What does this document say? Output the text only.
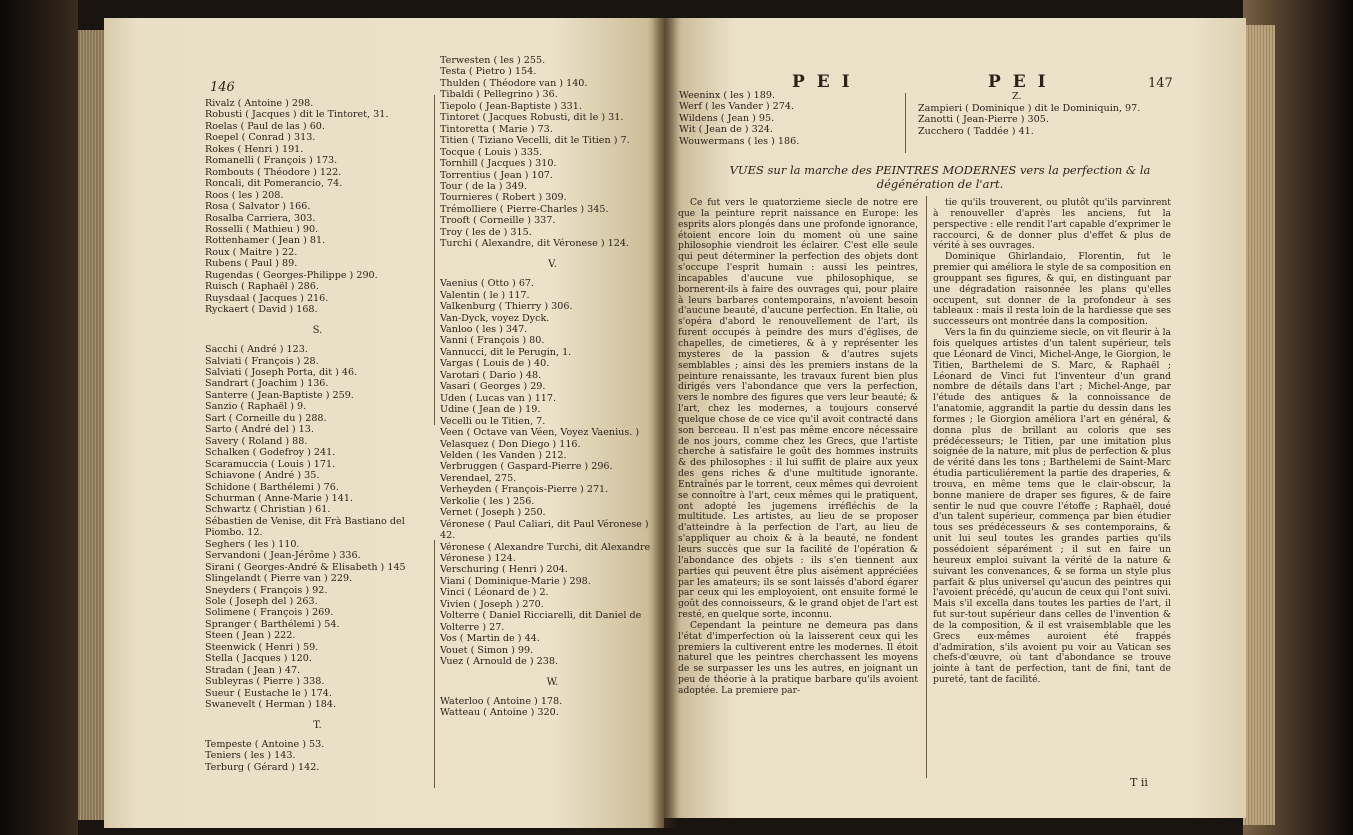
146
Rivalz ( Antoine ) 298.
Robusti ( Jacques ) dit le Tintoret, 31.
Roelas ( Paul de las ) 60.
Roepel ( Conrad ) 313.
Rokes ( Henri ) 191.
Romanelli ( François ) 173.
Rombouts ( Théodore ) 122.
Roncali, dit Pomerancio, 74.
Roos ( les ) 208.
Rosa ( Salvator ) 166.
Rosalba Carriera, 303.
Rosselli ( Mathieu ) 90.
Rottenhamer ( Jean ) 81.
Roux ( Maitre ) 22.
Rubens ( Paul ) 89.
Rugendas ( Georges-Philippe ) 290.
Ruisch ( Raphaël ) 286.
Ruysdaal ( Jacques ) 216.
Ryckaert ( David ) 168.
S.
Sacchi ( André ) 123.
Salviati ( François ) 28.
Salviati ( Joseph Porta, dit ) 46.
Sandrart ( Joachim ) 136.
Santerre ( Jean-Baptiste ) 259.
Sanzio ( Raphaël ) 9.
Sart ( Corneille du ) 288.
Sarto ( André del ) 13.
Savery ( Roland ) 88.
Schalken ( Godefroy ) 241.
Scaramuccia ( Louis ) 171.
Schiavone ( André ) 35.
Schidone ( Barthélemi ) 76.
Schurman ( Anne-Marie ) 141.
Schwartz ( Christian ) 61.
Sébastien de Venise, dit Frà Bastiano del
Piombo. 12.
Seghers ( les ) 110.
Servandoni ( Jean-Jérôme ) 336.
Sirani ( Georges-André & Elisabeth ) 145
Slingelandt ( Pierre van ) 229.
Sneyders ( François ) 92.
Sole ( Joseph del ) 263.
Solimene ( François ) 269.
Spranger ( Barthélemi ) 54.
Steen ( Jean ) 222.
Steenwick ( Henri ) 59.
Stella ( Jacques ) 120.
Stradan ( Jean ) 47.
Subleyras ( Pierre ) 338.
Sueur ( Eustache le ) 174.
Swanevelt ( Herman ) 184.
T.
Tempeste ( Antoine ) 53.
Teniers ( les ) 143.
Terburg ( Gérard ) 142.
Terwesten ( les ) 255.
Testa ( Pietro ) 154.
Thulden ( Théodore van ) 140.
Tibaldi ( Pellegrino ) 36.
Tiepolo ( Jean-Baptiste ) 331.
Tintoret ( Jacques Robusti, dit le ) 31.
Tintoretta ( Marie ) 73.
Titien ( Tiziano Vecelli, dit le Titien ) 7.
Tocque ( Louis ) 335.
Tornhill ( Jacques ) 310.
Torrentius ( Jean ) 107.
Tour ( de la ) 349.
Tournieres ( Robert ) 309.
Trémolliere ( Pierre-Charles ) 345.
Trooft ( Corneille ) 337.
Troy ( les de ) 315.
Turchi ( Alexandre, dit Véronese ) 124.
V.
Vaenius ( Otto ) 67.
Valentin ( le ) 117.
Valkenburg ( Thierry ) 306.
Van-Dyck, voyez Dyck.
Vanloo ( les ) 347.
Vanni ( François ) 80.
Vannucci, dit le Perugin, 1.
Vargas ( Louis de ) 40.
Varotari ( Dario ) 48.
Vasari ( Georges ) 29.
Uden ( Lucas van ) 117.
Udine ( Jean de ) 19.
Vecelli ou le Titien, 7.
Veen ( Octave van Véen, Voyez Vaenius. )
Velasquez ( Don Diego ) 116.
Velden ( les Vanden ) 212.
Verbruggen ( Gaspard-Pierre ) 296.
Verendael, 275.
Verheyden ( François-Pierre ) 271.
Verkolie ( les ) 256.
Vernet ( Joseph ) 250.
Véronese ( Paul Caliari, dit Paul Véronese )
42.
Véronese ( Alexandre Turchi, dit Alexandre
Véronese ) 124.
Verschuring ( Henri ) 204.
Viani ( Dominique-Marie ) 298.
Vinci ( Léonard de ) 2.
Vivien ( Joseph ) 270.
Volterre ( Daniel Ricciarelli, dit Daniel de
Volterre ) 27.
Vos ( Martin de ) 44.
Vouet ( Simon ) 99.
Vuez ( Arnould de ) 238.
W.
Waterloo ( Antoine ) 178.
Watteau ( Antoine ) 320.
P E I	P E I	147
Weeninx ( les ) 189.
Werf ( les Vander ) 274.
Wildens ( Jean ) 95.
Wit ( Jean de ) 324.
Wouwermans ( les ) 186.
Z.
Zampieri ( Dominique ) dit le Dominiquin, 97.
Zanotti ( Jean-Pierre ) 305.
Zucchero ( Taddée ) 41.
VUES sur la marche des PEINTRES MODERNES vers la perfection & la
dégénération de l'art.

Ce fut vers le quatorzieme siecle de notre ere que la peinture reprit naissance en Europe: les esprits alors plongés dans une profonde ignorance, étoient encore loin du moment où une saine philosophie viendroit les éclairer. C'est elle seule qui peut déterminer la perfection des objets dont s'occupe l'esprit humain : aussi les peintres, incapables d'aucune vue philosophique, se bornerent-ils à faire des ouvrages qui, pour plaire à leurs barbares contemporains, n'avoient besoin d'aucune beauté, d'aucune perfection. En Italie, où s'opéra d'abord le renouvellement de l'art, ils furent occupés à peindre des murs d'églises, de chapelles, de cimetieres, & à y représenter les mysteres de la passion & d'autres sujets semblables ; ainsi dès les premiers instans de la peinture renaissante, les travaux furent bien plus dirigés vers l'abondance que vers la perfection, vers le nombre des figures que vers leur beauté; & l'art, chez les modernes, a toujours conservé quelque chose de ce vice qu'il avoit contracté dans son berceau. Il n'est pas même encore nécessaire de nos jours, comme chez les Grecs, que l'artiste cherche à satisfaire le goût des hommes instruits & des philosophes : il lui suffit de plaire aux yeux des gens riches & d'une multitude ignorante. Entraînés par le torrent, ceux mêmes qui devroient se connoître à l'art, ceux mêmes qui le pratiquent, ont adopté les jugemens irréfléchis de la multitude. Les artistes, au lieu de se proposer d'atteindre à la perfection de l'art, au lieu de s'appliquer au choix & à la beauté, ne fondent leurs succès que sur la facilité de l'opération & l'abondance des objets : ils s'en tiennent aux parties qui peuvent être plus aisément appréciées par les amateurs; ils se sont laissés d'abord égarer par ceux qui les employoient, ont ensuite formé le goût des connoisseurs, & le grand objet de l'art est resté, en quelque sorte, inconnu.

Cependant la peinture ne demeura pas dans l'état d'imperfection où la laisserent ceux qui les premiers la cultiverent entre les modernes. Il étoit naturel que les peintres cherchassent les moyens de se surpasser les uns les autres, en joignant un peu de théorie à la pratique barbare qu'ils avoient adoptée. La premiere par-

tie qu'ils trouverent, ou plutôt qu'ils parvinrent à renouveller d'après les anciens, fut la perspective : elle rendit l'art capable d'exprimer le raccourci, & de donner plus d'effet & plus de vérité à ses ouvrages.

Dominique Ghirlandaio, Florentin, fut le premier qui améliora le style de sa composition en grouppant ses figures, & qui, en distinguant par une dégradation raisonnée les plans qu'elles occupent, sut donner de la profondeur à ses tableaux : mais il resta loin de la hardiesse que ses successeurs ont montrée dans la composition.

Vers la fin du quinzieme siecle, on vit fleurir à la fois quelques artistes d'un talent supérieur, tels que Léonard de Vinci, Michel-Ange, le Giorgion, le Titien, Barthelemi de S. Marc, & Raphaël ; Léonard de Vinci fut l'inventeur d'un grand nombre de détails dans l'art ; Michel-Ange, par l'étude des antiques & la connoissance de l'anatomie, aggrandit la partie du dessin dans les formes ; le Giorgion améliora l'art en général, & donna plus de brillant au coloris que ses prédécesseurs; le Titien, par une imitation plus soignée de la nature, mit plus de perfection & plus de vérité dans les tons ; Barthelemi de Saint-Marc étudia particuliérement la partie des draperies, & trouva, en même tems que le clair-obscur, la bonne maniere de draper ses figures, & de faire sentir le nud que couvre l'étoffe ; Raphaël, doué d'un talent supérieur, commença par bien étudier tous ses prédécesseurs & ses contemporains, & unit lui seul toutes les grandes parties qu'ils possédoient séparément ; il sut en faire un heureux emploi suivant la vérité de la nature & suivant les convenances, & se forma un style plus parfait & plus universel qu'aucun des peintres qui l'avoient précédé, qu'aucun de ceux qui l'ont suivi. Mais s'il excella dans toutes les parties de l'art, il fut sur-tout supérieur dans celles de l'invention & de la composition, & il est vraisemblable que les Grecs eux-mêmes auroient été frappés d'admiration, s'ils avoient pu voir au Vatican ses chefs-d'œuvre, où tant d'abondance se trouve jointe à tant de perfection, tant de fini, tant de pureté, tant de facilité.

T ii
